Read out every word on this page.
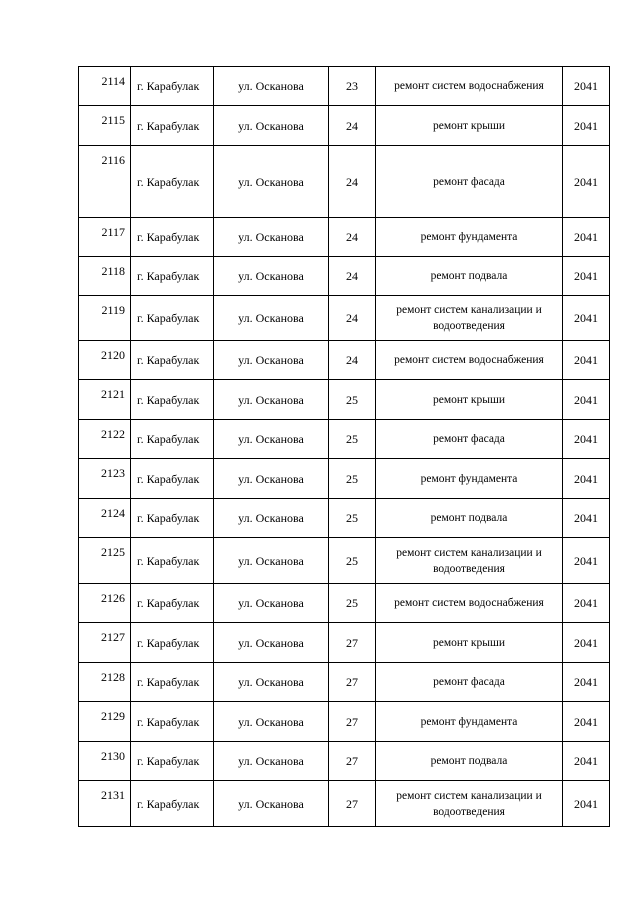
2114	г. Карабулак	ул. Осканова	23	ремонт систем водоснабжения	2041
2115	г. Карабулак	ул. Осканова	24	ремонт крыши	2041
2116	г. Карабулак	ул. Осканова	24	ремонт фасада	2041
2117	г. Карабулак	ул. Осканова	24	ремонт фундамента	2041
2118	г. Карабулак	ул. Осканова	24	ремонт подвала	2041
2119	г. Карабулак	ул. Осканова	24	ремонт систем канализации и водоотведения	2041
2120	г. Карабулак	ул. Осканова	24	ремонт систем водоснабжения	2041
2121	г. Карабулак	ул. Осканова	25	ремонт крыши	2041
2122	г. Карабулак	ул. Осканова	25	ремонт фасада	2041
2123	г. Карабулак	ул. Осканова	25	ремонт фундамента	2041
2124	г. Карабулак	ул. Осканова	25	ремонт подвала	2041
2125	г. Карабулак	ул. Осканова	25	ремонт систем канализации и водоотведения	2041
2126	г. Карабулак	ул. Осканова	25	ремонт систем водоснабжения	2041
2127	г. Карабулак	ул. Осканова	27	ремонт крыши	2041
2128	г. Карабулак	ул. Осканова	27	ремонт фасада	2041
2129	г. Карабулак	ул. Осканова	27	ремонт фундамента	2041
2130	г. Карабулак	ул. Осканова	27	ремонт подвала	2041
2131	г. Карабулак	ул. Осканова	27	ремонт систем канализации и водоотведения	2041
